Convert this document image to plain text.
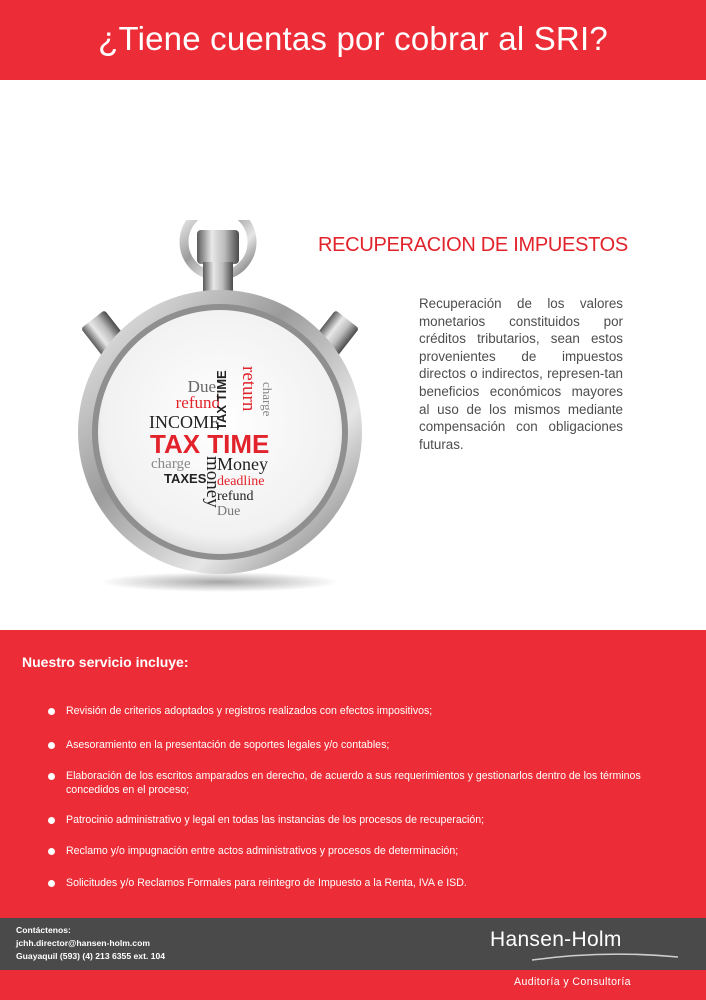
¿Tiene cuentas por cobrar al SRI?
Due
refund
INCOME
TAX TIME
charge
TAXES
TAX TIME return charge
money
Money
deadline
refund
Due
RECUPERACION DE IMPUESTOS

Recuperación de los valores monetarios constituidos por créditos tributarios, sean estos provenientes de impuestos directos o indirectos, represen-tan beneficios económicos mayores al uso de los mismos mediante compensación con obligaciones futuras.

Nuestro servicio incluye:
Revisión de criterios adoptados y registros realizados con efectos impositivos;
Asesoramiento en la presentación de soportes legales y/o contables;
Elaboración de los escritos amparados en derecho, de acuerdo a sus requerimientos y gestionarlos dentro de los términos concedidos en el proceso;
Patrocinio administrativo y legal en todas las instancias de los procesos de recuperación;
Reclamo y/o impugnación entre actos administrativos y procesos de determinación;
Solicitudes y/o Reclamos Formales para reintegro de Impuesto a la Renta, IVA e ISD.

Contáctenos:
jchh.director@hansen-holm.com
Guayaquil (593) (4) 213 6355 ext. 104

Hansen-Holm
Auditoría y Consultoría
